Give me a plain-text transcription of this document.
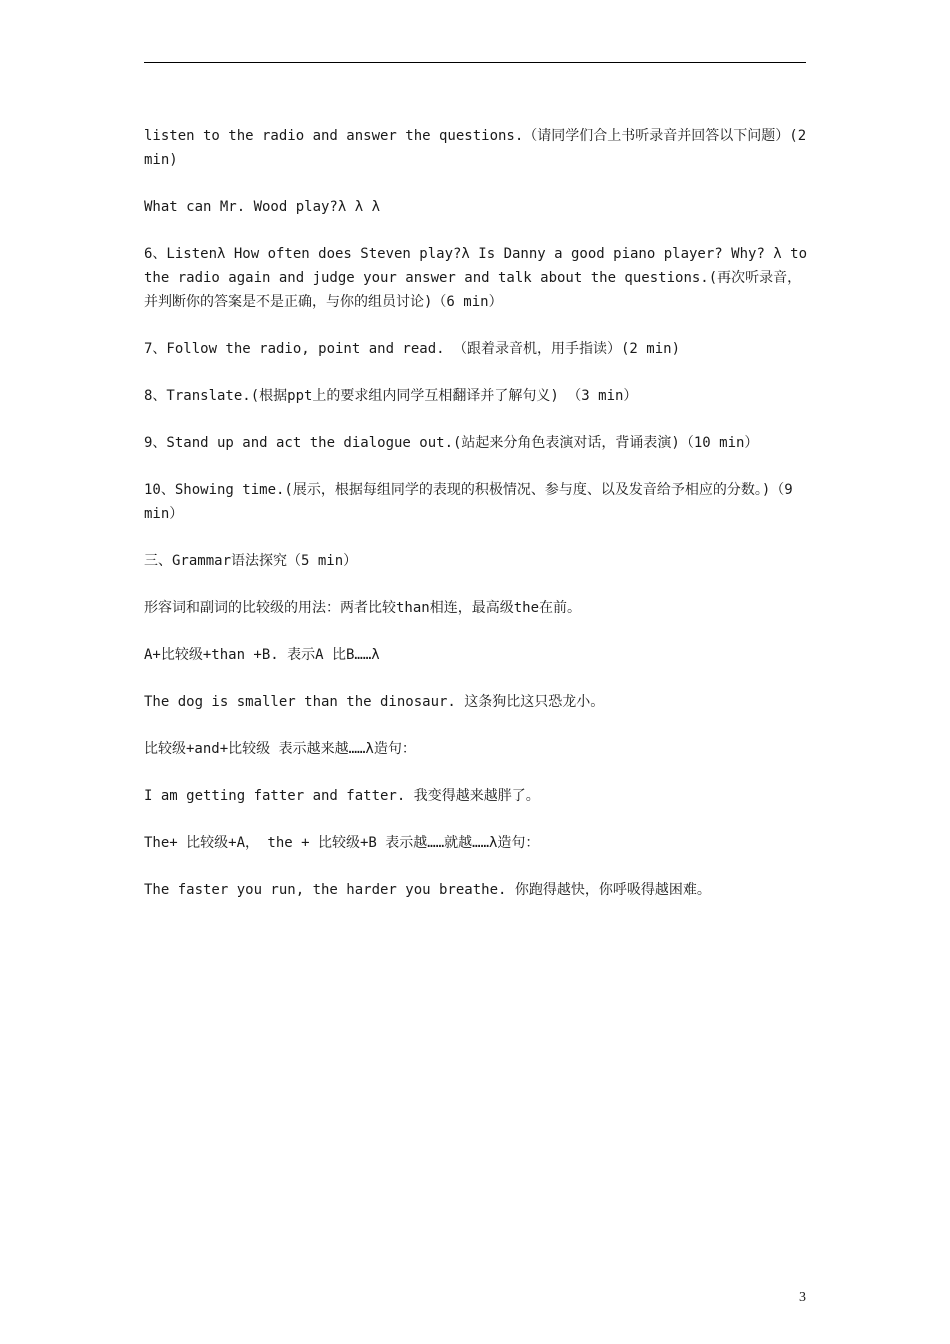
listen to the radio and answer the questions.（请同学们合上书听录音并回答以下问题）(2 min)

What can Mr. Wood play?λ λ λ

6、Listenλ How often does Steven play?λ Is Danny a good piano player? Why? λ to the radio again and judge your answer and talk about the questions.(再次听录音，并判断你的答案是不是正确，与你的组员讨论)（6 min）

7、Follow the radio, point and read. （跟着录音机，用手指读）(2 min)

8、Translate.(根据ppt上的要求组内同学互相翻译并了解句义) （3 min）

9、Stand up and act the dialogue out.(站起来分角色表演对话，背诵表演)（10 min）

10、Showing time.(展示，根据每组同学的表现的积极情况、参与度、以及发音给予相应的分数。)（9 min）

三、Grammar语法探究（5 min）

形容词和副词的比较级的用法：两者比较than相连，最高级the在前。

A+比较级+than +B. 表示A 比B……λ

The dog is smaller than the dinosaur. 这条狗比这只恐龙小。

比较级+and+比较级 表示越来越……λ造句：

I am getting fatter and fatter. 我变得越来越胖了。

The+ 比较级+A， the + 比较级+B 表示越……就越……λ造句：

The faster you run, the harder you breathe. 你跑得越快，你呼吸得越困难。

3
